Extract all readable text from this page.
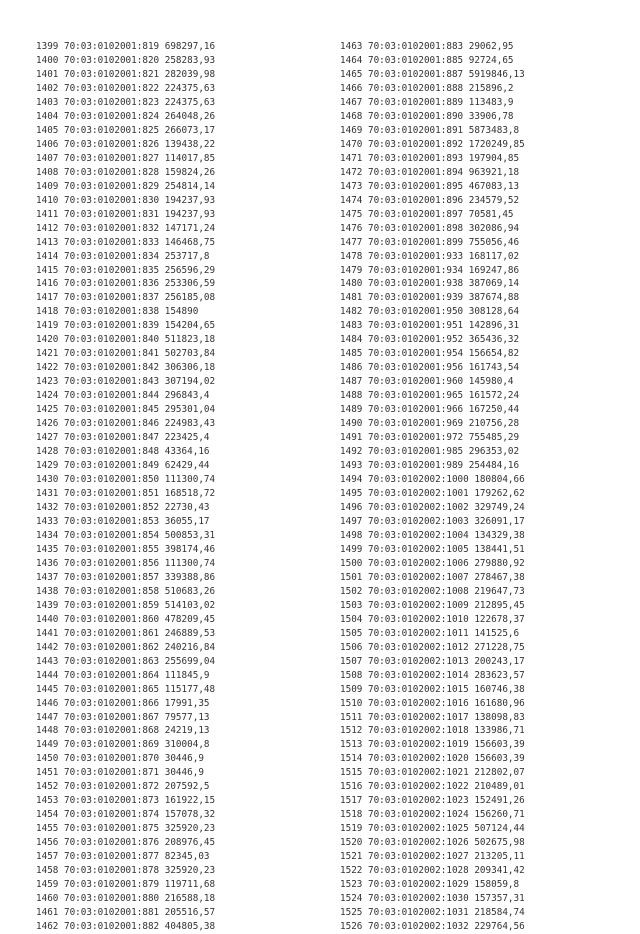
1399 70:03:0102001:819 698297,16
1400 70:03:0102001:820 258283,93
1401 70:03:0102001:821 282039,98
1402 70:03:0102001:822 224375,63
1403 70:03:0102001:823 224375,63
1404 70:03:0102001:824 264048,26
1405 70:03:0102001:825 266073,17
1406 70:03:0102001:826 139438,22
1407 70:03:0102001:827 114017,85
1408 70:03:0102001:828 159824,26
1409 70:03:0102001:829 254814,14
1410 70:03:0102001:830 194237,93
1411 70:03:0102001:831 194237,93
1412 70:03:0102001:832 147171,24
1413 70:03:0102001:833 146468,75
1414 70:03:0102001:834 253717,8
1415 70:03:0102001:835 256596,29
1416 70:03:0102001:836 253306,59
1417 70:03:0102001:837 256185,08
1418 70:03:0102001:838 154890
1419 70:03:0102001:839 154204,65
1420 70:03:0102001:840 511823,18
1421 70:03:0102001:841 502703,84
1422 70:03:0102001:842 306306,18
1423 70:03:0102001:843 307194,02
1424 70:03:0102001:844 296843,4
1425 70:03:0102001:845 295301,04
1426 70:03:0102001:846 224983,43
1427 70:03:0102001:847 223425,4
1428 70:03:0102001:848 43364,16
1429 70:03:0102001:849 62429,44
1430 70:03:0102001:850 111300,74
1431 70:03:0102001:851 168518,72
1432 70:03:0102001:852 22730,43
1433 70:03:0102001:853 36055,17
1434 70:03:0102001:854 500853,31
1435 70:03:0102001:855 398174,46
1436 70:03:0102001:856 111300,74
1437 70:03:0102001:857 339388,86
1438 70:03:0102001:858 510683,26
1439 70:03:0102001:859 514103,02
1440 70:03:0102001:860 478209,45
1441 70:03:0102001:861 246889,53
1442 70:03:0102001:862 240216,84
1443 70:03:0102001:863 255699,04
1444 70:03:0102001:864 111845,9
1445 70:03:0102001:865 115177,48
1446 70:03:0102001:866 17991,35
1447 70:03:0102001:867 79577,13
1448 70:03:0102001:868 24219,13
1449 70:03:0102001:869 310004,8
1450 70:03:0102001:870 30446,9
1451 70:03:0102001:871 30446,9
1452 70:03:0102001:872 207592,5
1453 70:03:0102001:873 161922,15
1454 70:03:0102001:874 157078,32
1455 70:03:0102001:875 325920,23
1456 70:03:0102001:876 208976,45
1457 70:03:0102001:877 82345,03
1458 70:03:0102001:878 325920,23
1459 70:03:0102001:879 119711,68
1460 70:03:0102001:880 216588,18
1461 70:03:0102001:881 205516,57
1462 70:03:0102001:882 404805,38
1463 70:03:0102001:883 29062,95
1464 70:03:0102001:885 92724,65
1465 70:03:0102001:887 5919846,13
1466 70:03:0102001:888 215896,2
1467 70:03:0102001:889 113483,9
1468 70:03:0102001:890 33906,78
1469 70:03:0102001:891 5873483,8
1470 70:03:0102001:892 1720249,85
1471 70:03:0102001:893 197904,85
1472 70:03:0102001:894 963921,18
1473 70:03:0102001:895 467083,13
1474 70:03:0102001:896 234579,52
1475 70:03:0102001:897 70581,45
1476 70:03:0102001:898 302086,94
1477 70:03:0102001:899 755056,46
1478 70:03:0102001:933 168117,02
1479 70:03:0102001:934 169247,86
1480 70:03:0102001:938 387069,14
1481 70:03:0102001:939 387674,88
1482 70:03:0102001:950 308128,64
1483 70:03:0102001:951 142896,31
1484 70:03:0102001:952 365436,32
1485 70:03:0102001:954 156654,82
1486 70:03:0102001:956 161743,54
1487 70:03:0102001:960 145980,4
1488 70:03:0102001:965 161572,24
1489 70:03:0102001:966 167250,44
1490 70:03:0102001:969 210756,28
1491 70:03:0102001:972 755485,29
1492 70:03:0102001:985 296353,02
1493 70:03:0102001:989 254484,16
1494 70:03:0102002:1000 180804,66
1495 70:03:0102002:1001 179262,62
1496 70:03:0102002:1002 329749,24
1497 70:03:0102002:1003 326091,17
1498 70:03:0102002:1004 134329,38
1499 70:03:0102002:1005 138441,51
1500 70:03:0102002:1006 279880,92
1501 70:03:0102002:1007 278467,38
1502 70:03:0102002:1008 219647,73
1503 70:03:0102002:1009 212895,45
1504 70:03:0102002:1010 122678,37
1505 70:03:0102002:1011 141525,6
1506 70:03:0102002:1012 271228,75
1507 70:03:0102002:1013 200243,17
1508 70:03:0102002:1014 283623,57
1509 70:03:0102002:1015 160746,38
1510 70:03:0102002:1016 161680,96
1511 70:03:0102002:1017 138098,83
1512 70:03:0102002:1018 133986,71
1513 70:03:0102002:1019 156603,39
1514 70:03:0102002:1020 156603,39
1515 70:03:0102002:1021 212802,07
1516 70:03:0102002:1022 210489,01
1517 70:03:0102002:1023 152491,26
1518 70:03:0102002:1024 156260,71
1519 70:03:0102002:1025 507124,44
1520 70:03:0102002:1026 502675,98
1521 70:03:0102002:1027 213205,11
1522 70:03:0102002:1028 209341,42
1523 70:03:0102002:1029 158059,8
1524 70:03:0102002:1030 157357,31
1525 70:03:0102002:1031 218584,74
1526 70:03:0102002:1032 229764,56
